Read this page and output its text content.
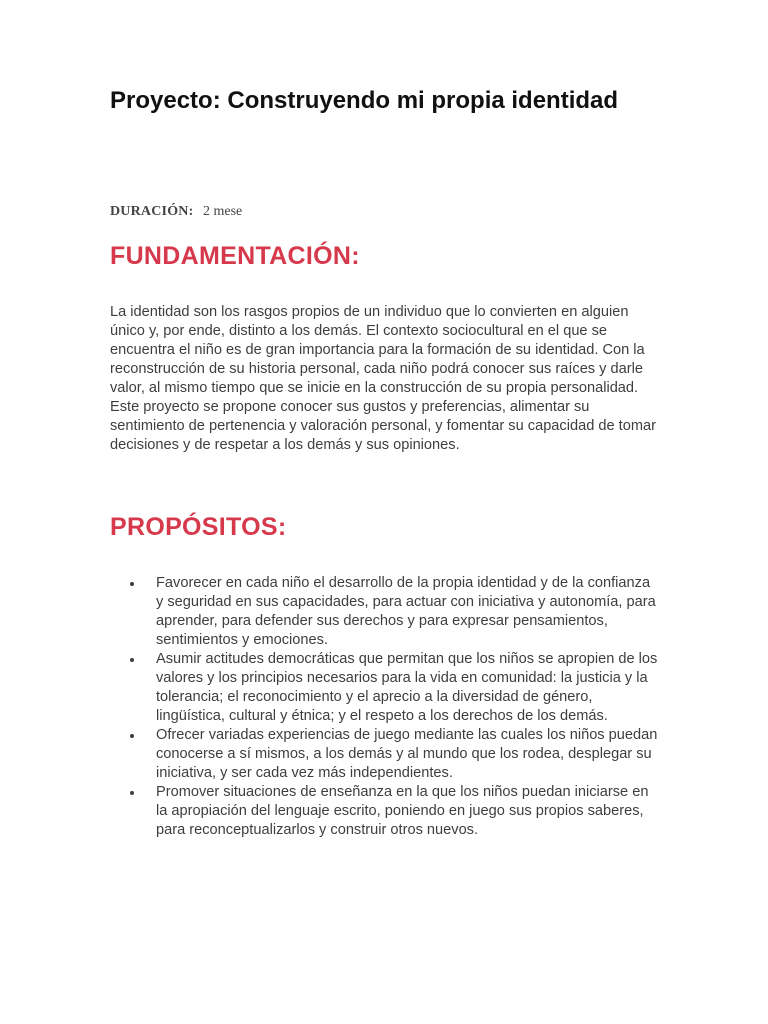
Proyecto: Construyendo mi propia identidad
DURACIÓN: 2 mese
FUNDAMENTACIÓN:

La identidad son los rasgos propios de un individuo que lo convierten en alguien único y, por ende, distinto a los demás. El contexto sociocultural en el que se encuentra el niño es de gran importancia para la formación de su identidad. Con la reconstrucción de su historia personal, cada niño podrá conocer sus raíces y darle valor, al mismo tiempo que se inicie en la construcción de su propia personalidad. Este proyecto se propone conocer sus gustos y preferencias, alimentar su sentimiento de pertenencia y valoración personal, y fomentar su capacidad de tomar decisiones y de respetar a los demás y sus opiniones.

PROPÓSITOS:
Favorecer en cada niño el desarrollo de la propia identidad y de la confianza y seguridad en sus capacidades, para actuar con iniciativa y autonomía, para aprender, para defender sus derechos y para expresar pensamientos, sentimientos y emociones.
Asumir actitudes democráticas que permitan que los niños se apropien de los valores y los principios necesarios para la vida en comunidad: la justicia y la tolerancia; el reconocimiento y el aprecio a la diversidad de género, lingüística, cultural y étnica; y el respeto a los derechos de los demás.
Ofrecer variadas experiencias de juego mediante las cuales los niños puedan conocerse a sí mismos, a los demás y al mundo que los rodea, desplegar su iniciativa, y ser cada vez más independientes.
Promover situaciones de enseñanza en la que los niños puedan iniciarse en la apropiación del lenguaje escrito, poniendo en juego sus propios saberes, para reconceptualizarlos y construir otros nuevos.
